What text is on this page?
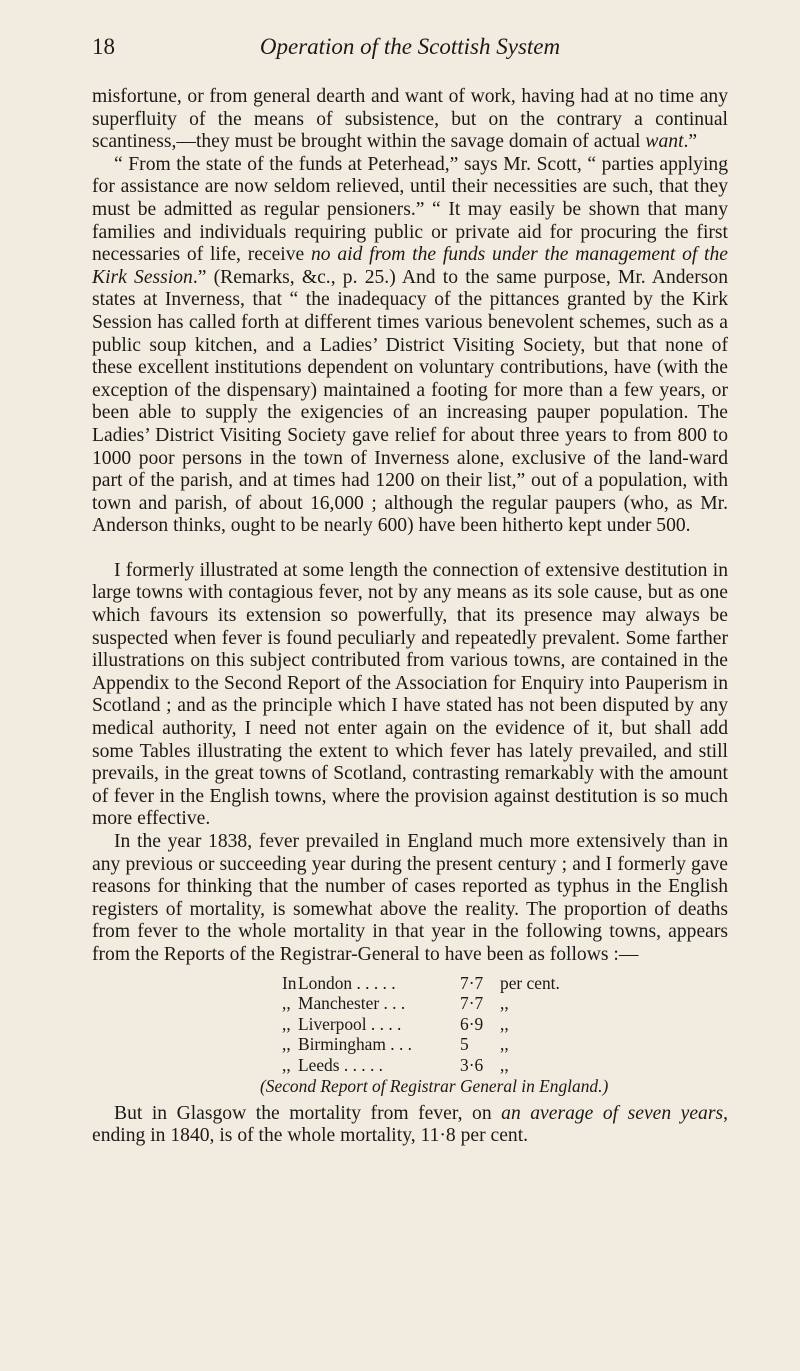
18	Operation of the Scottish System

misfortune, or from general dearth and want of work, having had at no time any superfluity of the means of subsistence, but on the contrary a continual scantiness,—they must be brought within the savage domain of actual want.”

“ From the state of the funds at Peterhead,” says Mr. Scott, “ parties applying for assistance are now seldom relieved, until their necessities are such, that they must be admitted as regular pensioners.” “ It may easily be shown that many families and individuals requiring public or private aid for procuring the first necessaries of life, receive no aid from the funds under the management of the Kirk Session.” (Remarks, &c., p. 25.) And to the same purpose, Mr. Anderson states at Inverness, that “ the inadequacy of the pittances granted by the Kirk Session has called forth at different times various benevolent schemes, such as a public soup kitchen, and a Ladies’ District Visiting Society, but that none of these excellent institutions dependent on voluntary contributions, have (with the exception of the dispensary) maintained a footing for more than a few years, or been able to supply the exigencies of an increasing pauper population. The Ladies’ District Visiting Society gave relief for about three years to from 800 to 1000 poor persons in the town of Inverness alone, exclusive of the land-ward part of the parish, and at times had 1200 on their list,” out of a population, with town and parish, of about 16,000 ; although the regular paupers (who, as Mr. Anderson thinks, ought to be nearly 600) have been hitherto kept under 500.

I formerly illustrated at some length the connection of extensive destitution in large towns with contagious fever, not by any means as its sole cause, but as one which favours its extension so powerfully, that its presence may always be suspected when fever is found peculiarly and repeatedly prevalent. Some farther illustrations on this subject contributed from various towns, are contained in the Appendix to the Second Report of the Association for Enquiry into Pauperism in Scotland ; and as the principle which I have stated has not been disputed by any medical authority, I need not enter again on the evidence of it, but shall add some Tables illustrating the extent to which fever has lately prevailed, and still prevails, in the great towns of Scotland, contrasting remarkably with the amount of fever in the English towns, where the provision against destitution is so much more effective.

In the year 1838, fever prevailed in England much more extensively than in any previous or succeeding year during the present century ; and I formerly gave reasons for thinking that the number of cases reported as typhus in the English registers of mortality, is somewhat above the reality. The proportion of deaths from fever to the whole mortality in that year in the following towns, appears from the Reports of the Registrar-General to have been as follows :—

In London . . . . .	7·7 per cent.
,, Manchester . . .	7·7 ,,
,, Liverpool . . . .	6·9 ,,
,, Birmingham . . .	5	,,
,, Leeds . . . . .	3·6 ,,
(Second Report of Registrar General in England.)

But in Glasgow the mortality from fever, on an average of seven years, ending in 1840, is of the whole mortality, 11·8 per cent.
